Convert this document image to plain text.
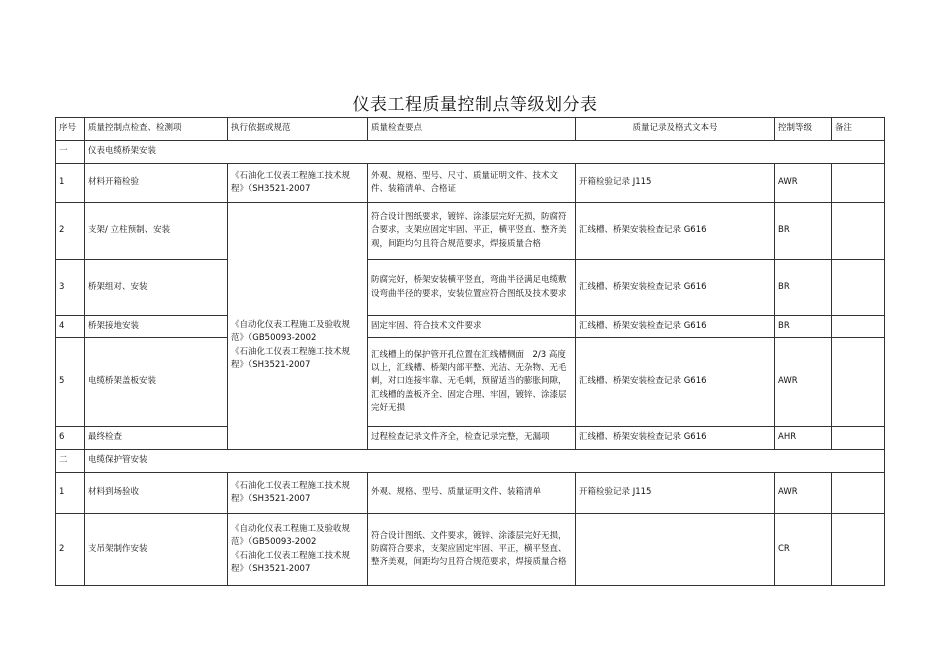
仪表工程质量控制点等级划分表
序号	质量控制点检查、检测项	执行依据或规范	质量检查要点	质量记录及格式文本号	控制等级	备注
一	仪表电缆桥架安装					
1	材料开箱检验	《石油化工仪表工程施工技术规
程》（SH3521-2007	外观、规格、型号、尺寸、质量证明文件、技术文件、装箱清单、合格证	开箱检验记录 J115	AWR	
2	支架/ 立柱预制、安装	《自动化仪表工程施工及验收规
范》（GB50093-2002
《石油化工仪表工程施工技术规
程》（SH3521-2007	符合设计图纸要求，镀锌、涂漆层完好无损，防腐符合要求，支架应固定牢固、平正，横平竖直、整齐美观，间距均匀且符合规范要求，焊接质量合格	汇线槽、桥架安装检查记录 G616	BR	
3	桥架组对、安装		防腐完好，桥架安装横平竖直，弯曲半径满足电缆敷设弯曲半径的要求，安装位置应符合图纸及技术要求	汇线槽、桥架安装检查记录 G616	BR	
4	桥架接地安装		固定牢固、符合技术文件要求	汇线槽、桥架安装检查记录 G616	BR	
5	电缆桥架盖板安装		汇线槽上的保护管开孔位置在汇线槽侧面　2/3 高度以上，汇线槽、桥架内部平整、光洁、无杂物、无毛刺，对口连接牢靠、无毛刺，预留适当的膨胀间隙，汇线槽的盖板齐全、固定合理、牢固，镀锌、涂漆层完好无损	汇线槽、桥架安装检查记录 G616	AWR	
6	最终检查		过程检查记录文件齐全，检查记录完整，无漏项	汇线槽、桥架安装检查记录 G616	AHR	
二	电缆保护管安装					
1	材料到场验收	《石油化工仪表工程施工技术规
程》（SH3521-2007	外观、规格、型号、质量证明文件、装箱清单	开箱检验记录 J115	AWR	
2	支吊架制作安装	《自动化仪表工程施工及验收规
范》（GB50093-2002
《石油化工仪表工程施工技术规
程》（SH3521-2007	符合设计图纸、文件要求，镀锌、涂漆层完好无损，防腐符合要求，支架应固定牢固、平正，横平竖直、整齐美观，间距均匀且符合规范要求，焊接质量合格		CR	
